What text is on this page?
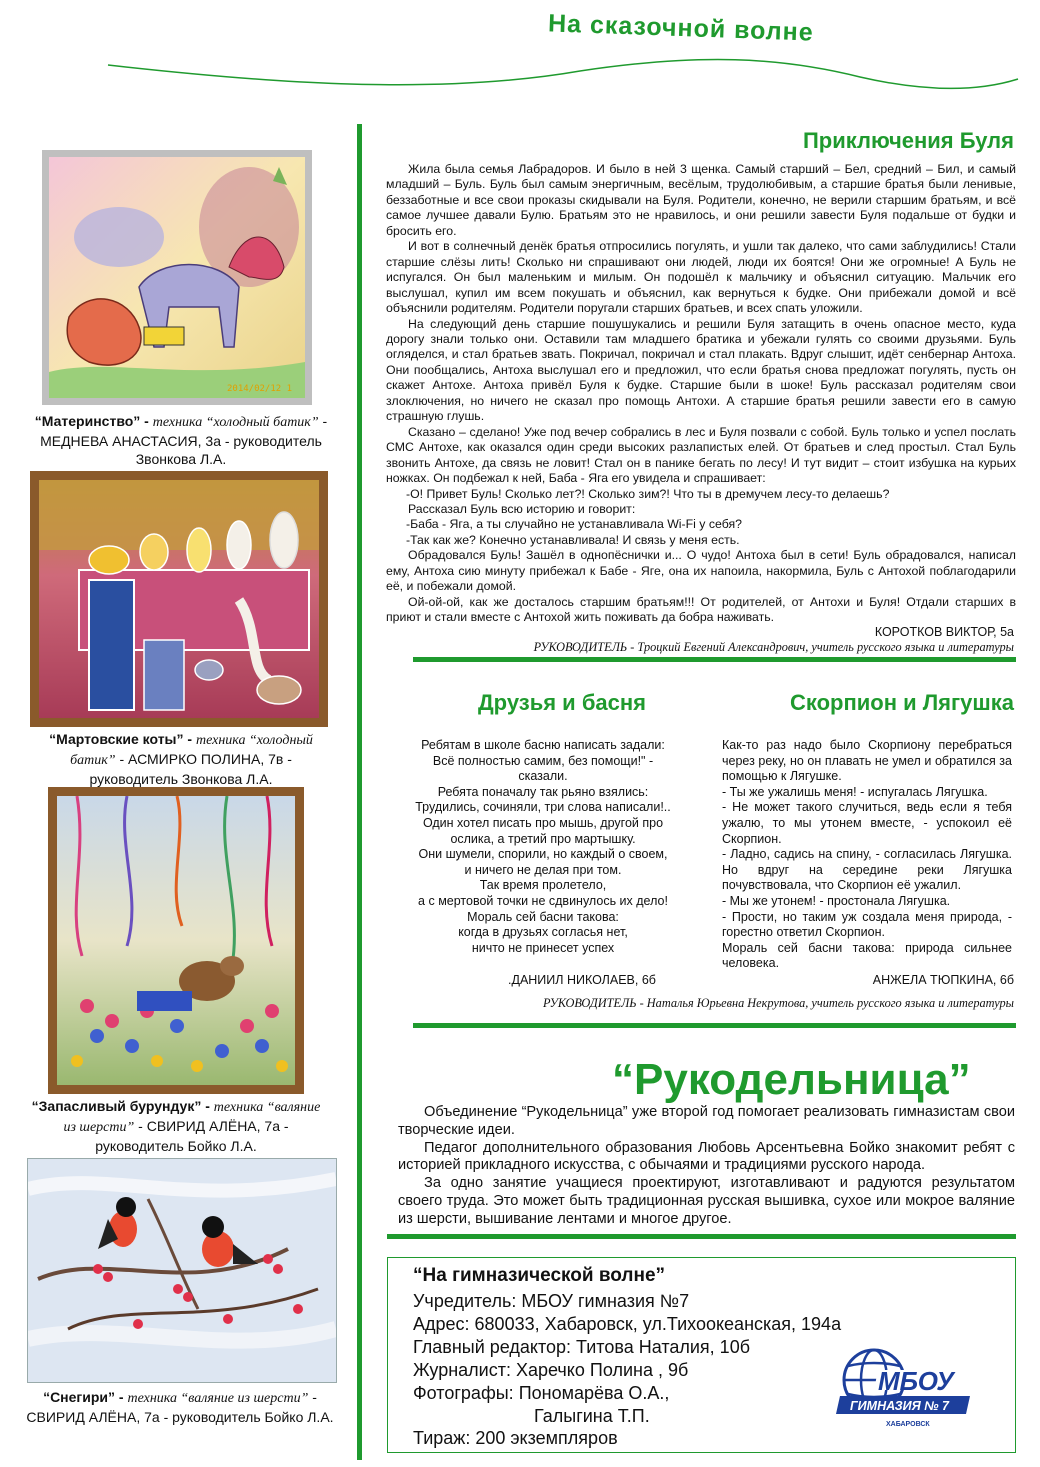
На сказочной волне
2014/02/12 1
“Материнство” - техника “холодный батик” - МЕДНЕВА АНАСТАСИЯ, 3а - руководитель Звонкова Л.А.
“Мартовские коты” - техника “холодный батик” - АСМИРКО ПОЛИНА, 7в - руководитель Звонкова Л.А.
“Запасливый бурундук” - техника “валяние из шерсти” - СВИРИД АЛЁНА, 7а - руководитель Бойко Л.А.
“Снегири” - техника “валяние из шерсти” - СВИРИД АЛЁНА, 7а - руководитель Бойко Л.А.
Приключения Буля

Жила была семья Лабрадоров. И было в ней 3 щенка. Самый старший – Бел, средний – Бил, и самый младший – Буль. Буль был самым энергичным, весёлым, трудолюбивым, а старшие братья были ленивые, беззаботные и все свои проказы скидывали на Буля. Родители, конечно, не верили старшим братьям, и всё самое лучшее давали Булю. Братьям это не нравилось, и они решили завести Буля подальше от будки и бросить его.

И вот в солнечный денёк братья отпросились погулять, и ушли так далеко, что сами заблудились! Стали старшие слёзы лить! Сколько ни спрашивают они людей, люди их боятся! Они же огромные! А Буль не испугался. Он был маленьким и милым. Он подошёл к мальчику и объяснил ситуацию. Мальчик его выслушал, купил им всем покушать и объяснил, как вернуться к будке. Они прибежали домой и всё объяснили родителям. Родители поругали старших братьев, и всех спать уложили.

На следующий день старшие пошушукались и решили Буля затащить в очень опасное место, куда дорогу знали только они. Оставили там младшего братика и убежали гулять со своими друзьями. Буль огляделся, и стал братьев звать. Покричал, покричал и стал плакать. Вдруг слышит, идёт сенбернар Антоха. Они пообщались, Антоха выслушал его и предложил, что если братья снова предложат погулять, пусть он скажет Антохе. Антоха привёл Буля к будке. Старшие были в шоке! Буль рассказал родителям свои злоключения, но ничего не сказал про помощь Антохи. А старшие братья решили завести его в самую страшную глушь.

Сказано – сделано! Уже под вечер собрались в лес и Буля позвали с собой. Буль только и успел послать СМС Антохе, как оказался один среди высоких разлапистых елей. От братьев и след простыл. Стал Буль звонить Антохе, да связь не ловит! Стал он в панике бегать по лесу! И тут видит – стоит избушка на курьих ножках. Он подбежал к ней, Баба - Яга его увидела и спрашивает:

-О! Привет Буль! Сколько лет?! Сколько зим?! Что ты в дремучем лесу-то делаешь?

Рассказал Буль всю историю и говорит:

-Баба - Яга, а ты случайно не устанавливала Wi-Fi у себя?

-Так как же? Конечно устанавливала! И связь у меня есть.

Обрадовался Буль! Зашёл в однопёснички и... О чудо! Антоха был в сети! Буль обрадовался, написал ему, Антоха сию минуту прибежал к Бабе - Яге, она их напоила, накормила, Буль с Антохой поблагодарили её, и побежали домой.

Ой-ой-ой, как же досталось старшим братьям!!! От родителей, от Антохи и Буля! Отдали старших в приют и стали вместе с Антохой жить поживать да бобра наживать.

КОРОТКОВ ВИКТОР, 5а
РУКОВОДИТЕЛЬ - Троцкий Евгений Александрович, учитель русского языка и литературы
Друзья и басня	Скорпион и Лягушка
Ребятам в школе басню написать задали:
Всё полностью самим, без помощи!" -
сказали.
Ребята поначалу так рьяно взялись:
Трудились, сочиняли, три слова написали!..
Один хотел писать про мышь, другой про
ослика, а третий про мартышку.
Они шумели, спорили, но каждый о своем,
и ничего не делая при том.
Так время пролетело,
а с мертовой точки не сдвинулось их дело!
Мораль сей басни такова:
когда в друзьях согласья нет,
ничто не принесет успех
.ДАНИИЛ НИКОЛАЕВ, 6б

Как-то раз надо было Скорпиону перебраться через реку, но он плавать не умел и обратился за помощью к Лягушке.

- Ты же ужалишь меня! - испугалась Лягушка.

- Не может такого случиться, ведь если я тебя ужалю, то мы утонем вместе, - успокоил её Скорпион.

- Ладно, садись на спину, - согласилась Лягушка. Но вдруг на середине реки Лягушка почувствовала, что Скорпион её ужалил.

- Мы же утонем! - простонала Лягушка.

- Прости, но таким уж создала меня природа, - горестно ответил Скорпион.

Мораль сей басни такова: природа сильнее человека.

АНЖЕЛА ТЮПКИНА, 6б
РУКОВОДИТЕЛЬ - Наталья Юрьевна Некрутова, учитель русского языка и литературы
“Рукодельница”

Объединение “Рукодельница” уже второй год помогает реализовать гимназистам свои творческие идеи.

Педагог дополнительного образования Любовь Арсентьевна Бойко знакомит ребят с историей прикладного искусства, с обычаями и традициями русского народа.

За одно занятие учащиеся проектируют, изготавливают и радуются результатом своего труда. Это может быть традиционная русская вышивка, сухое или мокрое валяние из шерсти, вышивание лентами и многое другое.

“На гимназической волне”
Учредитель: МБОУ гимназия №7
Адрес: 680033, Хабаровск, ул.Тихоокеанская, 194а
Главный редактор: Титова Наталия, 10б
Журналист: Харечко Полина , 9б
Фотографы: Пономарёва О.А.,
Галыгина Т.П.
Тираж: 200 экземпляров
МБОУ
ГИМНАЗИЯ № 7
ХАБАРОВСК
